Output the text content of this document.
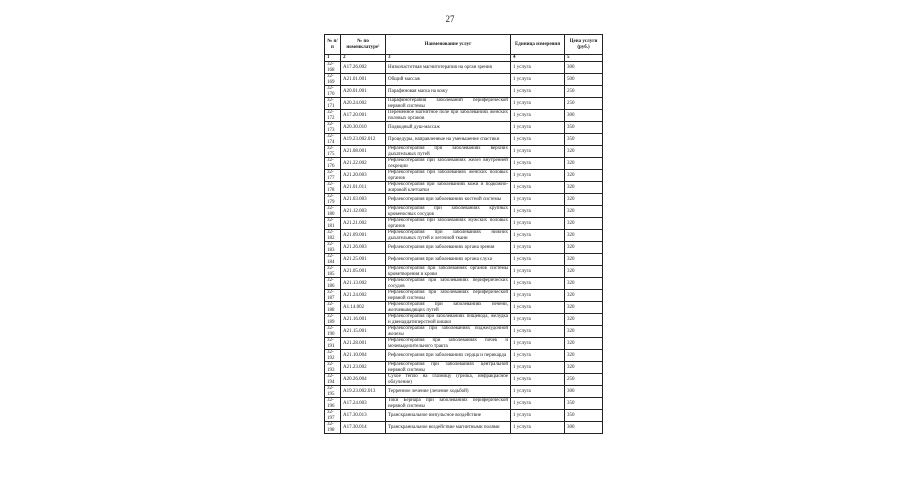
27
№ п/п	№ по номенклатуре¹	Наименование услуг	Единица измерения	Цена услуги (руб.)
1	2	3	4	5
32-168	А17.26.002	Низкочастотная магнитотерапия на орган зрения	1 услуга	300
32-169	А21.01.001	Общий массаж	1 услуга	500
32-170	А20.01.001	Парафиновая маска на кожу	1 услуга	250
32-171	А20.24.002	Парафинотерапия заболеваний периферической нервной системы	1 услуга	250
32-172	А17.20.001	Переменное магнитное поле при заболеваниях женских половых органов	1 услуга	300
32-173	А20.30.010	Подводный душ-массаж	1 услуга	350
32-174	А19.23.002.012	Процедуры, направленные на уменьшение спастики	1 услуга	350
32-175	А21.08.001	Рефлексотерапия при заболеваниях верхних дыхательных путей	1 услуга	320
32-176	А21.22.002	Рефлексотерапия при заболеваниях желез внутренней секреции	1 услуга	320
32-177	А21.20.003	Рефлексотерапия при заболеваниях женских половых органов	1 услуга	320
32-178	А21.01.011	Рефлексотерапия при заболеваниях кожи и подкожно-жировой клетчатки	1 услуга	320
32-179	А21.03.003	Рефлексотерапия при заболеваниях костной системы	1 услуга	320
32-180	А21.12.003	Рефлексотерапия при заболеваниях крупных кровеносных сосудов	1 услуга	320
32-181	А21.21.002	Рефлексотерапия при заболеваниях мужских половых органов	1 услуга	320
32-182	А21.09.001	Рефлексотерапия при заболеваниях нижних дыхательных путей и легочной ткани	1 услуга	320
32-183	А21.26.003	Рефлексотерапия при заболеваниях органа зрения	1 услуга	320
32-184	А21.25.001	Рефлексотерапия при заболеваниях органа слуха	1 услуга	320
32-185	А21.05.001	Рефлексотерапия при заболеваниях органов системы кроветворения и крови	1 услуга	320
32-186	А21.13.002	Рефлексотерапия при заболеваниях периферических сосудов	1 услуга	320
32-187	А21.24.002	Рефлексотерапия при заболеваниях периферической нервной системы	1 услуга	320
32-188	А1.14.002	Рефлексотерапия при заболеваниях печени, желчевыводящих путей	1 услуга	320
32-189	А21.16.001	Рефлексотерапия при заболеваниях пищевода, желудка и двенадцатиперстной кишки	1 услуга	320
32-190	А21.15.001	Рефлексотерапия при заболеваниях поджелудочной железы	1 услуга	320
32-191	А21.28.001	Рефлексотерапия при заболеваниях почек и мочевыделительного тракта	1 услуга	320
32-192	А21.10.004	Рефлексотерапия при заболеваниях сердца и перикарда	1 услуга	320
32-193	А21.23.002	Рефлексотерапия при заболеваниях центральной нервной системы	1 услуга	320
32-194	А20.26.004	Сухое тепло на глазницу (грелка, инфракрасное облучение)	1 услуга	250
32-195	А19.23.002.013	Терренное лечение (лечение ходьбой)	1 услуга	300
32-196	А17.24.003	Токи Бернара при заболеваниях периферической нервной системы	1 услуга	350
32-197	А17.30.013	Транскраниальное импульсное воздействие	1 услуга	350
32-198	А17.30.014	Транскраниальное воздействие магнитными полями	1 услуга	300
